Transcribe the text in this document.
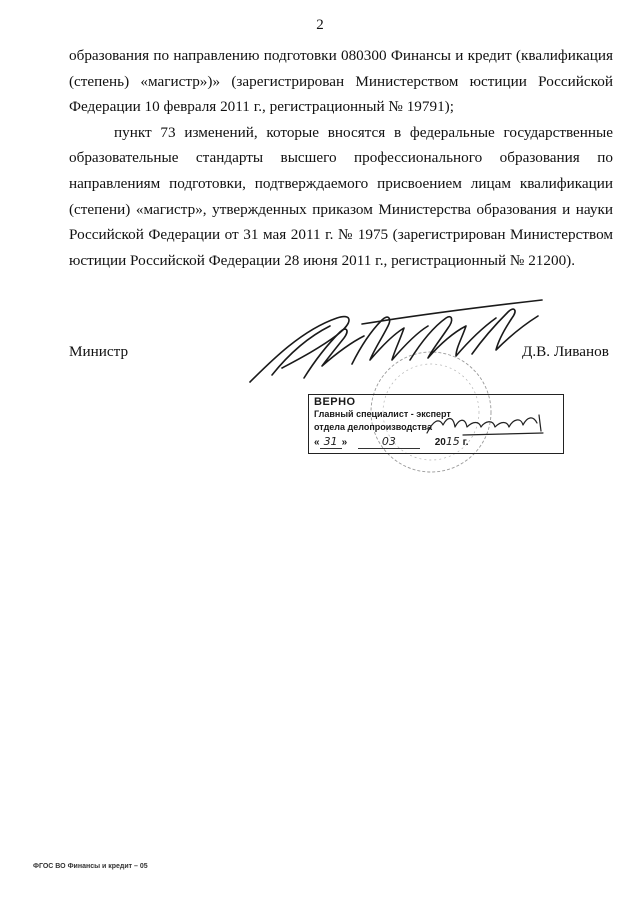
2

образования по направлению подготовки 080300 Финансы и кредит (квалификация (степень) «магистр»)» (зарегистрирован Министерством юстиции Российской Федерации 10 февраля 2011 г., регистрационный № 19791);

пункт 73 изменений, которые вносятся в федеральные государственные образовательные стандарты высшего профессионального образования по направлениям подготовки, подтверждаемого присвоением лицам квалификации (степени) «магистр», утвержденных приказом Министерства образования и науки Российской Федерации от 31 мая 2011 г. № 1975 (зарегистрирован Министерством юстиции Российской Федерации 28 июня 2011 г., регистрационный № 21200).

Министр	Д.В. Ливанов
ВЕРНО
Главный специалист - эксперт
отдела делопроизводства
« 31 »	03	2015 г.
ФГОС ВО Финансы и кредит – 05
